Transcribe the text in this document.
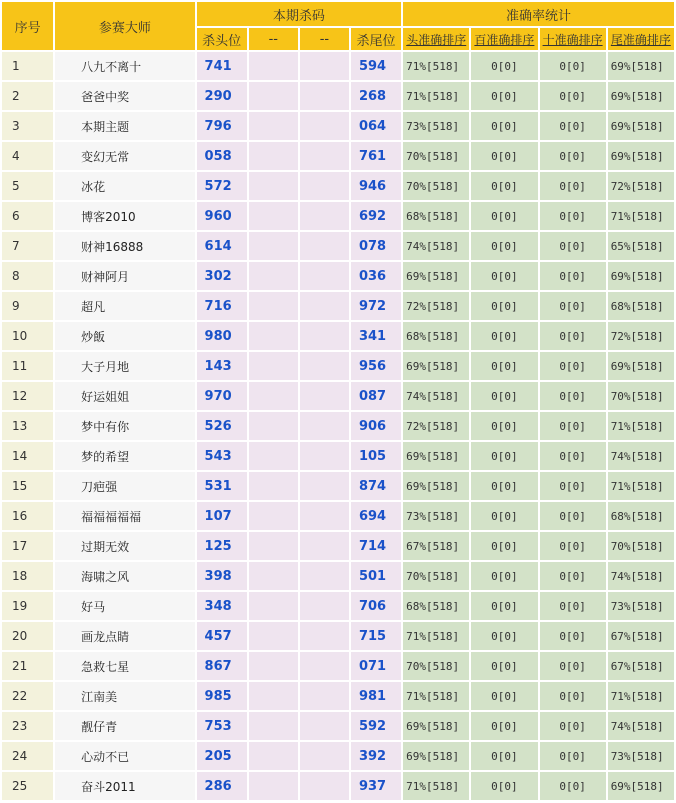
序号	参赛大师	本期杀码				准确率统计			
		杀头位	--	--	杀尾位	头准确排序	百准确排序	十准确排序	尾准确排序
1	八九不离十	741			594	71%[518]	0[0]	0[0]	69%[518]
2	爸爸中奖	290			268	71%[518]	0[0]	0[0]	69%[518]
3	本期主题	796			064	73%[518]	0[0]	0[0]	69%[518]
4	变幻无常	058			761	70%[518]	0[0]	0[0]	69%[518]
5	冰花	572			946	70%[518]	0[0]	0[0]	72%[518]
6	博客2010	960			692	68%[518]	0[0]	0[0]	71%[518]
7	财神16888	614			078	74%[518]	0[0]	0[0]	65%[518]
8	财神阿月	302			036	69%[518]	0[0]	0[0]	69%[518]
9	超凡	716			972	72%[518]	0[0]	0[0]	68%[518]
10	炒飯	980			341	68%[518]	0[0]	0[0]	72%[518]
11	大子月地	143			956	69%[518]	0[0]	0[0]	69%[518]
12	好运姐姐	970			087	74%[518]	0[0]	0[0]	70%[518]
13	梦中有你	526			906	72%[518]	0[0]	0[0]	71%[518]
14	梦的希望	543			105	69%[518]	0[0]	0[0]	74%[518]
15	刀疤强	531			874	69%[518]	0[0]	0[0]	71%[518]
16	福福福福福	107			694	73%[518]	0[0]	0[0]	68%[518]
17	过期无效	125			714	67%[518]	0[0]	0[0]	70%[518]
18	海啸之风	398			501	70%[518]	0[0]	0[0]	74%[518]
19	好马	348			706	68%[518]	0[0]	0[0]	73%[518]
20	画龙点睛	457			715	71%[518]	0[0]	0[0]	67%[518]
21	急救七星	867			071	70%[518]	0[0]	0[0]	67%[518]
22	江南美	985			981	71%[518]	0[0]	0[0]	71%[518]
23	靓仔青	753			592	69%[518]	0[0]	0[0]	74%[518]
24	心动不已	205			392	69%[518]	0[0]	0[0]	73%[518]
25	奋斗2011	286			937	71%[518]	0[0]	0[0]	69%[518]
